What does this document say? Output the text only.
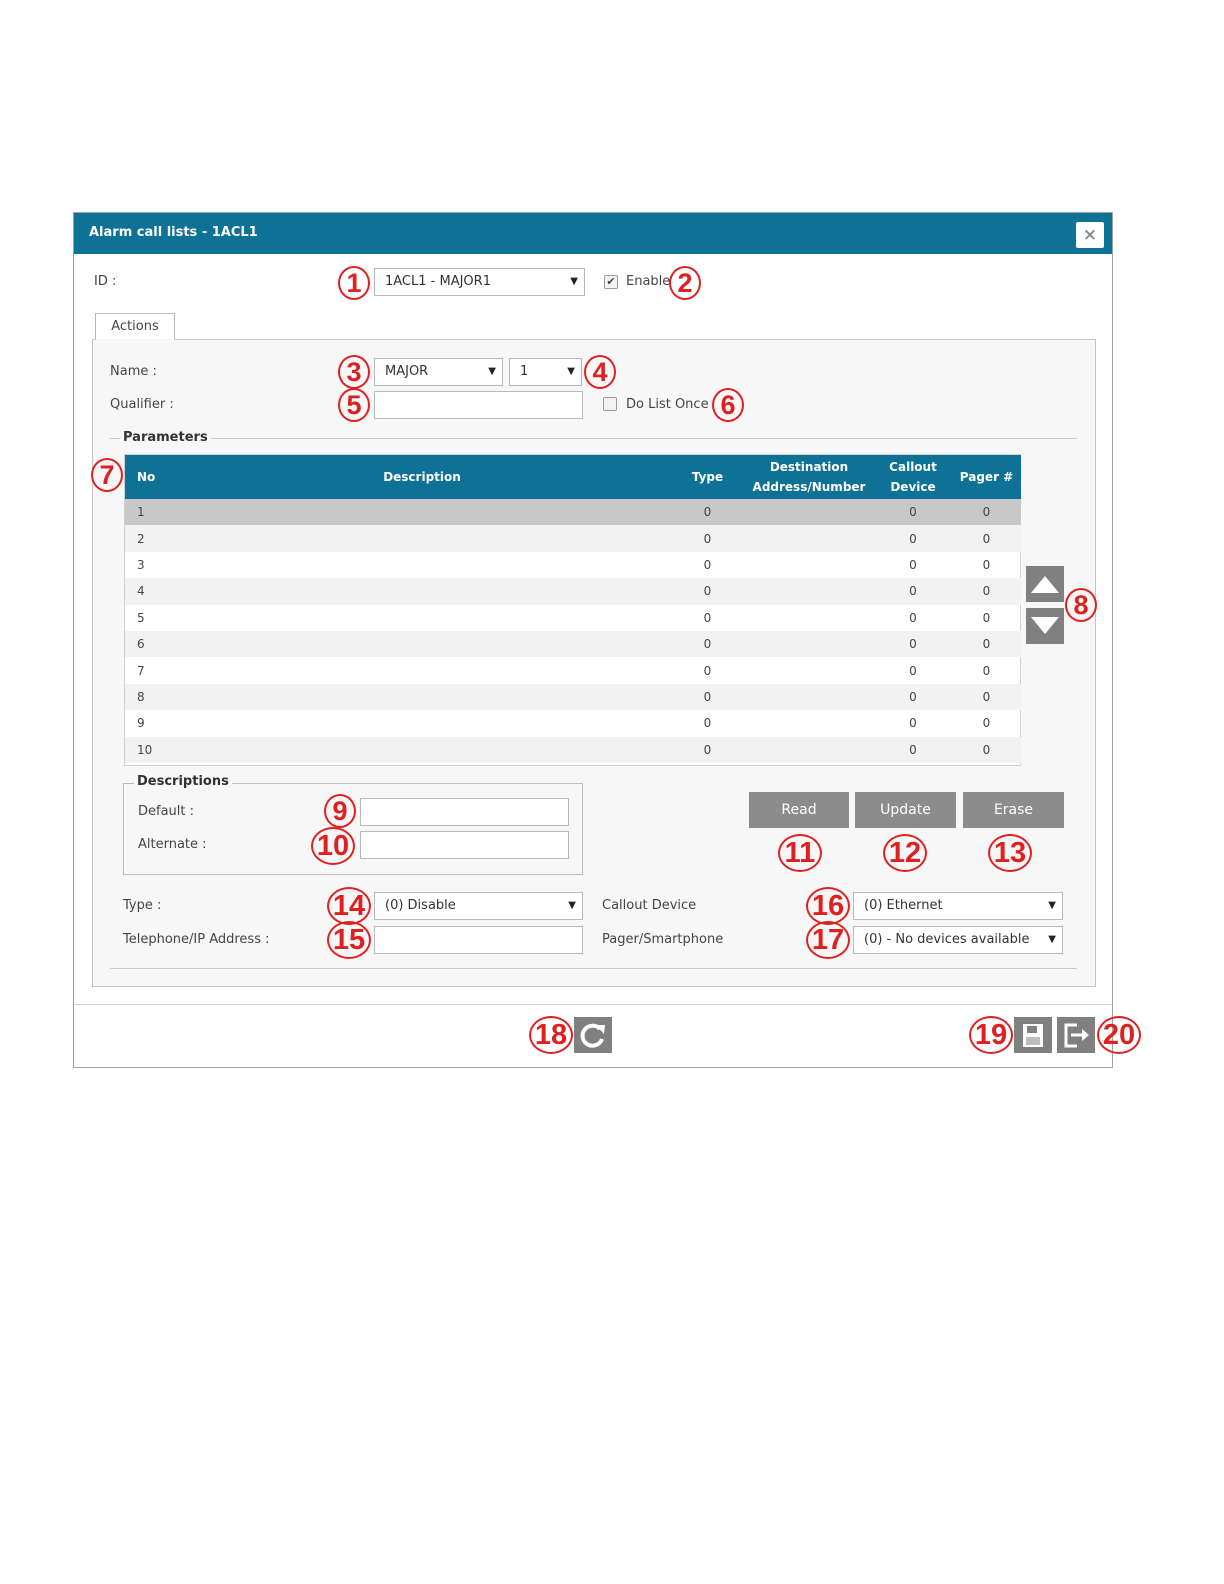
Alarm call lists - 1ACL1	×
ID :	1ACL1 - MAJOR1	▼	✔ Enable
Actions
Name :	MAJOR	▼	1	▼
Qualifier :	Do List Once
Parameters
No	Description	Type	Destination Address/Number	Callout Device	Pager #
1		0		0	0
2		0		0	0
3		0		0	0
4		0		0	0
5		0		0	0
6		0		0	0
7		0		0	0
8		0		0	0
9		0		0	0
10		0		0	0
Descriptions
Default :
Alternate :
Read	Update	Erase
Type :	(0) Disable	▼
Telephone/IP Address :
Callout Device	(0) Ethernet	▼
Pager/Smartphone	(0) - No devices available ▼
1	2
3	4
5	6
7
8
9
10	11	12	13
14
15
16
17
18	19	20
